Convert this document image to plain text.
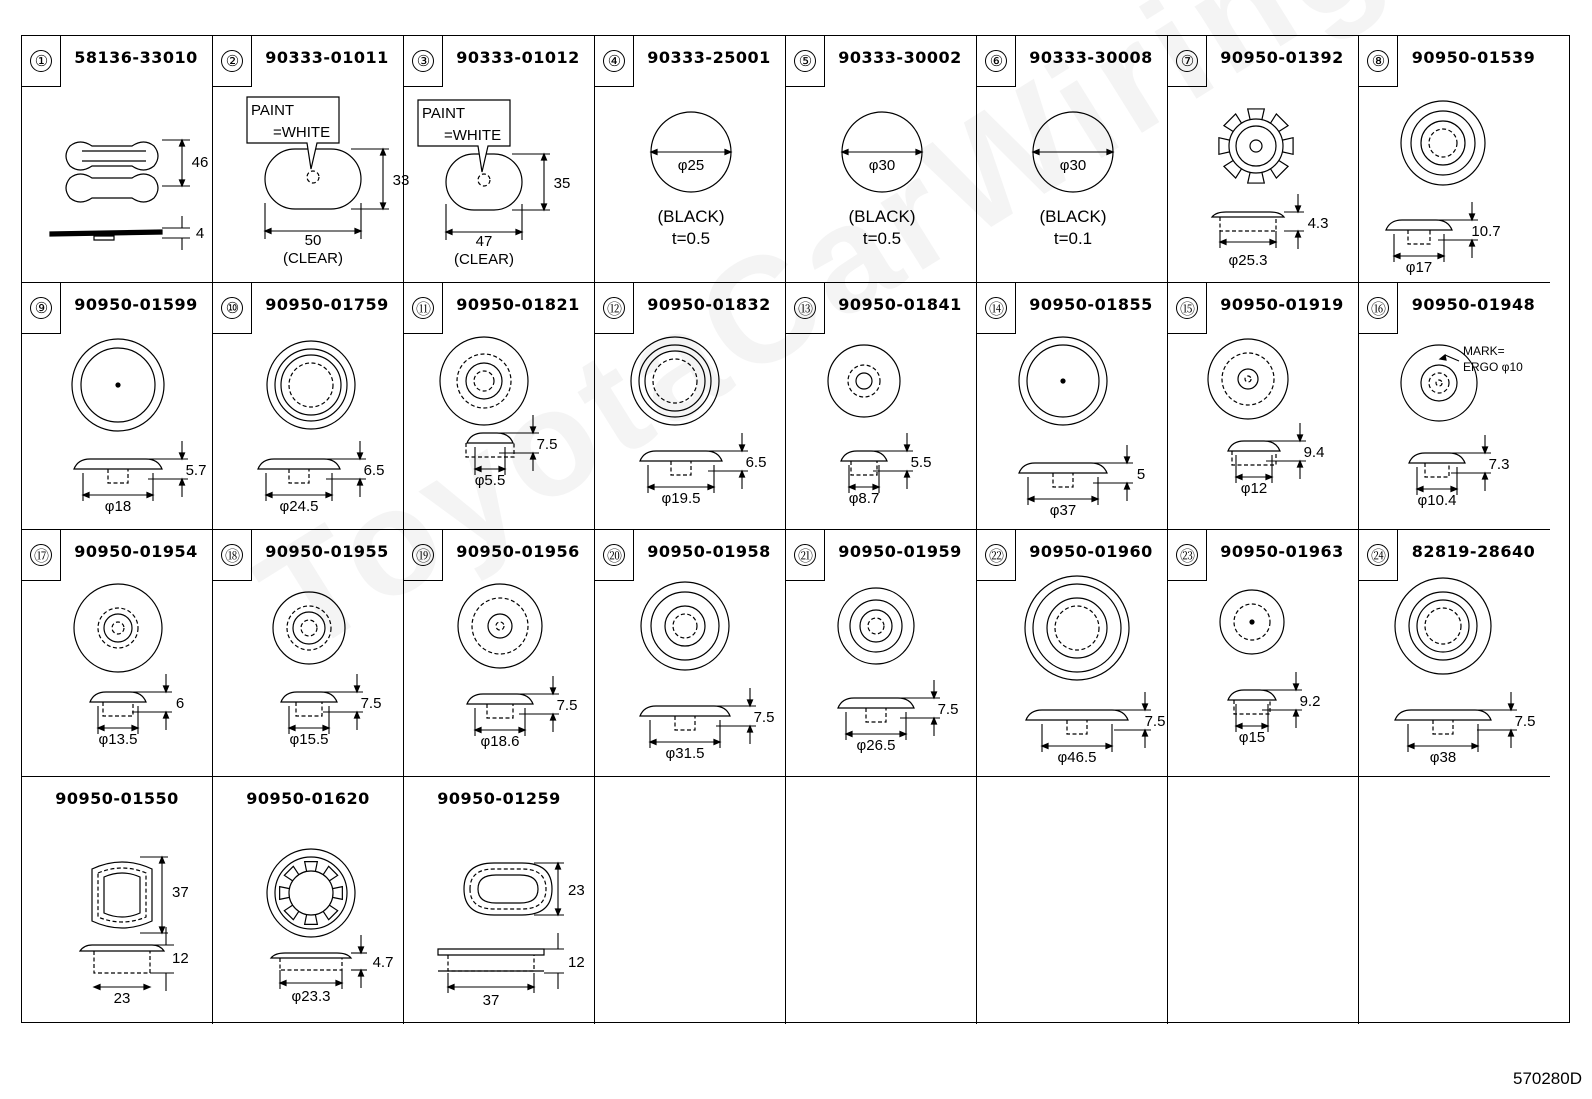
①	58136-33010
46
4
②	90333-01011
PAINT
=WHITE
33
50
(CLEAR)
③	90333-01012
PAINT
=WHITE
35
47
(CLEAR)
④	90333-25001
φ25
(BLACK)
t=0.5
⑤	90333-30002
φ30
(BLACK)
t=0.5
⑥	90333-30008
φ30
(BLACK)
t=0.1
⑦	90950-01392
φ25.3
4.3
⑧	90950-01539
φ17
10.7
⑨	90950-01599
φ18
5.7
⑩	90950-01759
φ24.5
6.5
⑪	90950-01821
φ5.5
7.5
⑫	90950-01832
φ19.5
6.5
⑬	90950-01841
φ8.7
5.5
⑭	90950-01855
φ37
5
⑮	90950-01919
φ12
9.4
⑯	90950-01948
φ10.4
7.3
MARK=
ERGO φ10
⑰	90950-01954
φ13.5
6
⑱	90950-01955
φ15.5
7.5
⑲	90950-01956
φ18.6
7.5
⑳	90950-01958
φ31.5
7.5
㉑	90950-01959
φ26.5
7.5
㉒	90950-01960
φ46.5
7.5
㉓	90950-01963
φ15
9.2
㉔	82819-28640
φ38
7.5
90950-01550
37
12
23
90950-01620
φ23.3
4.7
90950-01259
23
12
37
570280D
